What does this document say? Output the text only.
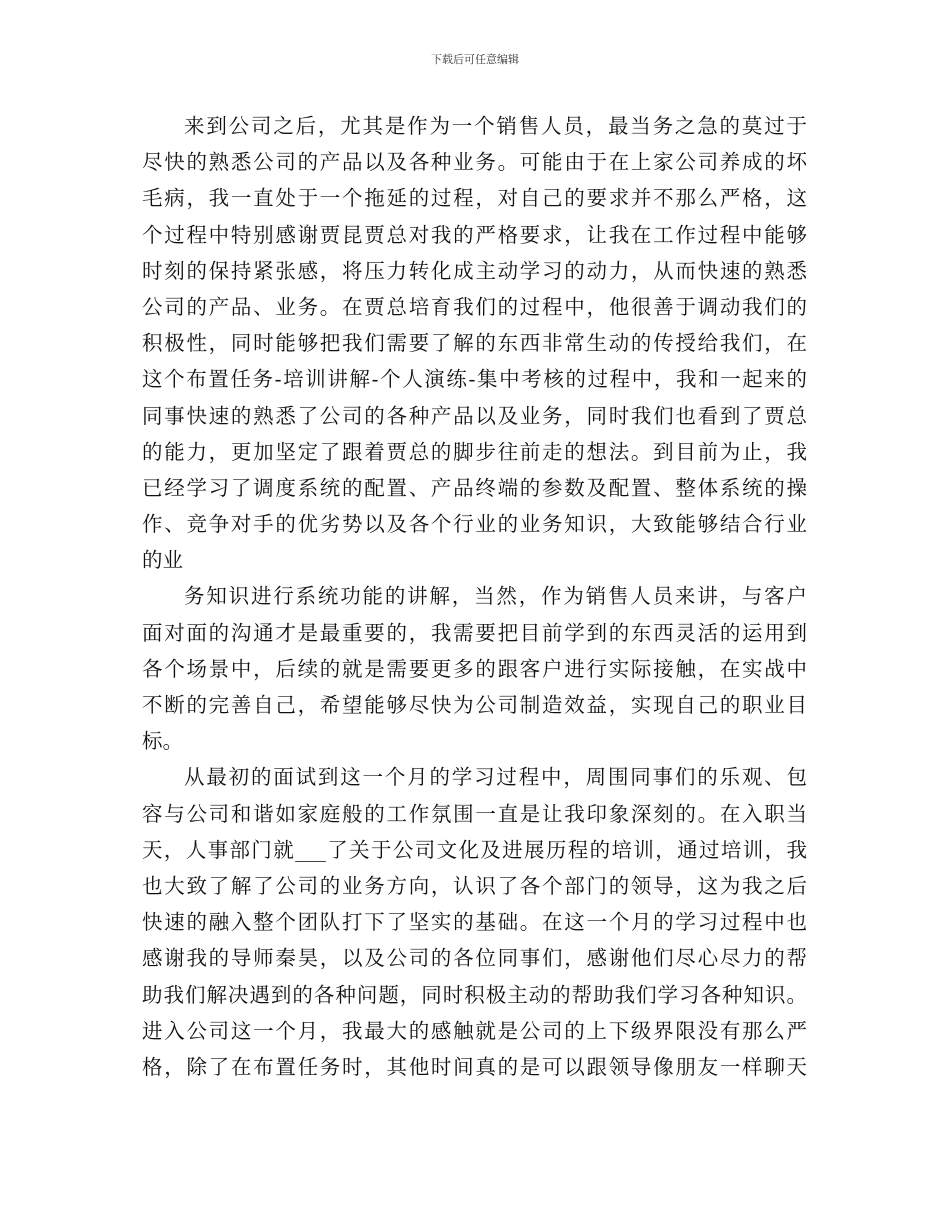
下载后可任意编辑
来到公司之后，尤其是作为一个销售人员，最当务之急的莫过于
尽快的熟悉公司的产品以及各种业务。可能由于在上家公司养成的坏
毛病，我一直处于一个拖延的过程，对自己的要求并不那么严格，这
个过程中特别感谢贾昆贾总对我的严格要求，让我在工作过程中能够
时刻的保持紧张感，将压力转化成主动学习的动力，从而快速的熟悉
公司的产品、业务。在贾总培育我们的过程中，他很善于调动我们的
积极性，同时能够把我们需要了解的东西非常生动的传授给我们，在
这个布置任务-培训讲解-个人演练-集中考核的过程中，我和一起来的
同事快速的熟悉了公司的各种产品以及业务，同时我们也看到了贾总
的能力，更加坚定了跟着贾总的脚步往前走的想法。到目前为止，我
已经学习了调度系统的配置、产品终端的参数及配置、整体系统的操
作、竞争对手的优劣势以及各个行业的业务知识，大致能够结合行业
的业
务知识进行系统功能的讲解，当然，作为销售人员来讲，与客户
面对面的沟通才是最重要的，我需要把目前学到的东西灵活的运用到
各个场景中，后续的就是需要更多的跟客户进行实际接触，在实战中
不断的完善自己，希望能够尽快为公司制造效益，实现自己的职业目
标。
从最初的面试到这一个月的学习过程中，周围同事们的乐观、包
容与公司和谐如家庭般的工作氛围一直是让我印象深刻的。在入职当
天，人事部门就___了关于公司文化及进展历程的培训，通过培训，我
也大致了解了公司的业务方向，认识了各个部门的领导，这为我之后
快速的融入整个团队打下了坚实的基础。在这一个月的学习过程中也
感谢我的导师秦昊，以及公司的各位同事们，感谢他们尽心尽力的帮
助我们解决遇到的各种问题，同时积极主动的帮助我们学习各种知识。
进入公司这一个月，我最大的感触就是公司的上下级界限没有那么严
格，除了在布置任务时，其他时间真的是可以跟领导像朋友一样聊天
